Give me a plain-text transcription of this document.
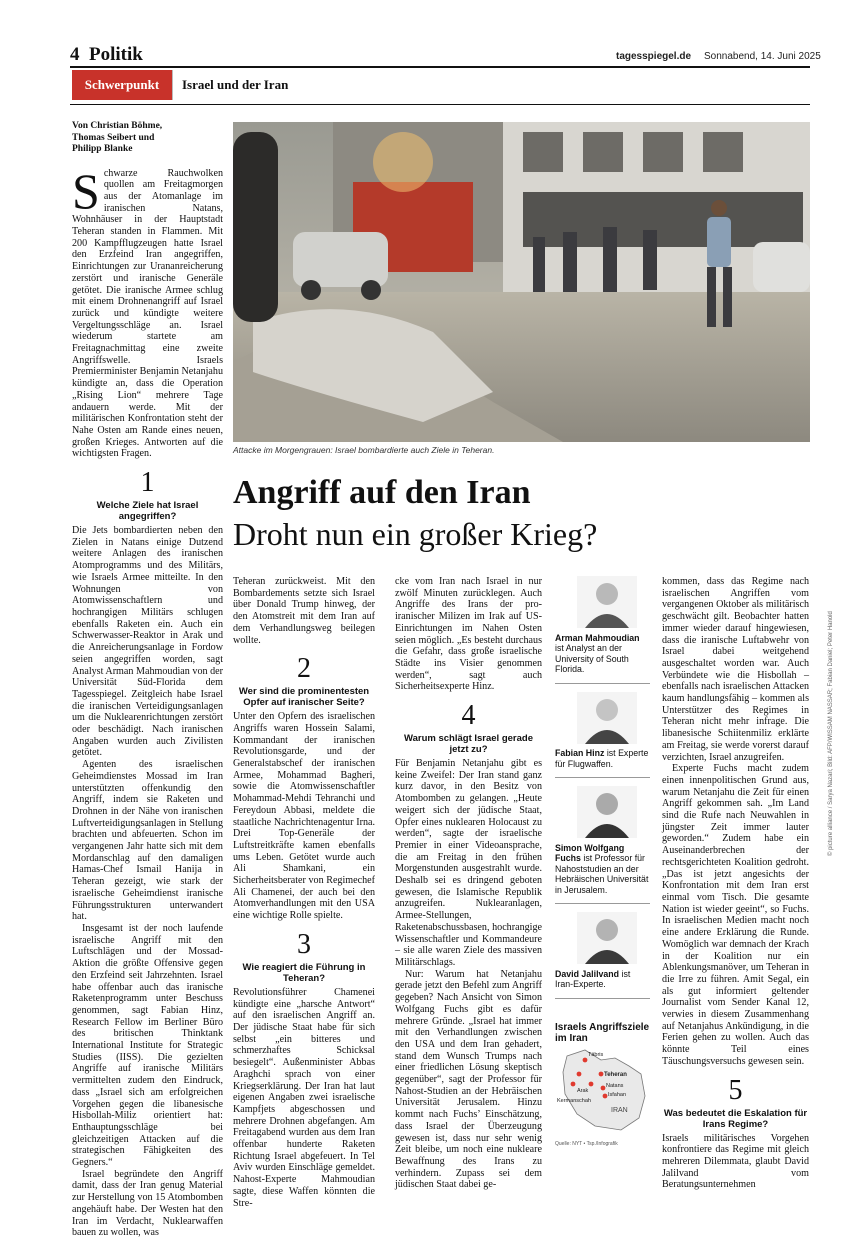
4 Politik	tagesspiegel.de Sonnabend, 14. Juni 2025
Schwerpunkt	Israel und der Iran
Von Christian Böhme,
Thomas Seibert und
Philipp Blanke

Schwarze Rauchwolken quollen am Freitagmorgen aus der Atomanlage im iranischen Natans, Wohnhäuser in der Hauptstadt Teheran standen in Flammen. Mit 200 Kampfflugzeugen hatte Israel den Erzfeind Iran angegriffen, Einrichtungen zur Urananreicherung zerstört und iranische Generäle getötet. Die iranische Armee schlug mit einem Drohnenangriff auf Israel zurück und kündigte weitere Vergeltungsschläge an. Israel wiederum startete am Freitagnachmittag eine zweite Angriffswelle. Israels Premierminister Benjamin Netanjahu kündigte an, dass die Operation „Rising Lion“ mehrere Tage andauern werde. Mit der militärischen Konfrontation steht der Nahe Osten am Rande eines neuen, großen Krieges. Antworten auf die wichtigsten Fragen.

1
Welche Ziele hat Israel angegriffen?

Die Jets bombardierten neben den Zielen in Natans einige Dutzend weitere Anlagen des iranischen Atomprogramms und des Militärs, wie Israels Armee mitteilte. In den Wohnungen von Atomwissenschaftlern und hochrangigen Militärs schlugen ebenfalls Raketen ein. Auch ein Schwerwasser-Reaktor in Arak und die Anreicherungsanlage in Fordow seien angegriffen worden, sagt Analyst Arman Mahmoudian von der Universität Süd-Florida dem Tagesspiegel. Zeitgleich habe Israel die iranischen Verteidigungsanlagen um die Nuklearenrichtungen zerstört oder beschädigt. Nach iranischen Angaben wurden auch Zivilisten getötet.

Agenten des israelischen Geheimdienstes Mossad im Iran unterstützten offenkundig den Angriff, indem sie Raketen und Drohnen in der Nähe von iranischen Luftverteidigungsanlagen in Stellung brachten und abfeuerten. Schon im vergangenen Jahr hatte sich mit dem Mordanschlag auf den damaligen Hamas-Chef Ismail Hanija in Teheran gezeigt, wie stark der israelische Geheimdienst iranische Führungsstrukturen unterwandert hat.

Insgesamt ist der noch laufende israelische Angriff mit den Luftschlägen und der Mossad-Aktion die größte Offensive gegen den Erzfeind seit Jahrzehnten. Israel habe offenbar auch das iranische Raketenprogramm unter Beschuss genommen, sagt Fabian Hinz, Research Fellow im Berliner Büro des britischen Thinktank International Institute for Strategic Studies (IISS). Die gezielten Angriffe auf iranische Militärs vermittelten zudem den Eindruck, dass „Israel sich am erfolgreichen Vorgehen gegen die libanesische Hisbollah-Miliz orientiert hat: Enthauptungsschläge bei gleichzeitigen Attacken auf die strategischen Fähigkeiten des Gegners.“

Israel begründete den Angriff damit, dass der Iran genug Material zur Herstellung von 15 Atombomben angehäuft habe. Der Westen hat den Iran im Verdacht, Nuklearwaffen bauen zu wollen, was

Attacke im Morgengrauen: Israel bombardierte auch Ziele in Teheran.
Angriff auf den Iran
Droht nun ein großer Krieg?

Teheran zurückweist. Mit den Bombardements setzte sich Israel über Donald Trump hinweg, der den Atomstreit mit dem Iran auf dem Verhandlungsweg beilegen wollte.

2
Wer sind die prominentesten Opfer auf iranischer Seite?

Unter den Opfern des israelischen Angriffs waren Hossein Salami, Kommandant der iranischen Revolutionsgarde, und der Generalstabschef der iranischen Armee, Mohammad Bagheri, sowie die Atomwissenschaftler Mohammad-Mehdi Tehranchi und Fereydoun Abbasi, meldete die staatliche Nachrichtenagentur Irna. Drei Top-Generäle der Luftstreitkräfte kamen ebenfalls ums Leben. Getötet wurde auch Ali Shamkani, ein Sicherheitsberater von Regimechef Ali Chamenei, der auch bei den Atomverhandlungen mit den USA eine wichtige Rolle spielte.

3
Wie reagiert die Führung in Teheran?

Revolutionsführer Chamenei kündigte eine „harsche Antwort“ auf den israelischen Angriff an. Der jüdische Staat habe für sich selbst „ein bitteres und schmerzhaftes Schicksal besiegelt“. Außenminister Abbas Araghchi sprach von einer Kriegserklärung. Der Iran hat laut eigenen Angaben zwei israelische Kampfjets abgeschossen und mehrere Drohnen abgefangen. Am Freitagabend wurden aus dem Iran offenbar hunderte Raketen Richtung Israel abgefeuert. In Tel Aviv wurden Einschläge gemeldet. Nahost-Experte Mahmoudian sagte, diese Waffen könnten die Stre-

cke vom Iran nach Israel in nur zwölf Minuten zurücklegen. Auch Angriffe des Irans der pro-iranischer Milizen im Irak auf US-Einrichtungen im Nahen Osten seien möglich. „Es besteht durchaus die Gefahr, dass große israelische Städte ins Visier genommen werden“, sagt auch Sicherheitsexperte Hinz.

4
Warum schlägt Israel gerade jetzt zu?

Für Benjamin Netanjahu gibt es keine Zweifel: Der Iran stand ganz kurz davor, in den Besitz von Atombomben zu gelangen. „Heute weigert sich der jüdische Staat, Opfer eines nuklearen Holocaust zu werden“, sagte der israelische Premier in einer Videoansprache, die am Freitag in den frühen Morgenstunden ausgestrahlt wurde. Deshalb sei es dringend geboten gewesen, die Islamische Republik anzugreifen. Nuklearanlagen, Armee-Stellungen, Raketenabschussbasen, hochrangige Wissenschaftler und Kommandeure – sie alle waren Ziele des massiven Militärschlags.

Nur: Warum hat Netanjahu gerade jetzt den Befehl zum Angriff gegeben? Nach Ansicht von Simon Wolfgang Fuchs gibt es dafür mehrere Gründe. „Israel hat immer mit den Verhandlungen zwischen den USA und dem Iran gehadert, stand dem Wunsch Trumps nach einer friedlichen Lösung skeptisch gegenüber“, sagt der Professor für Nahost-Studien an der Hebräischen Universität Jerusalem. Hinzu kommt nach Fuchs’ Einschätzung, dass Israel der Überzeugung gewesen ist, dass nur sehr wenig Zeit bleibe, um noch eine nukleare Bewaffnung des Irans zu verhindern. Zupass sei dem jüdischen Staat dabei ge-

Arman Mahmoudian ist Analyst an der University of South Florida.
Fabian Hinz ist Experte für Flugwaffen.
Simon Wolfgang Fuchs ist Professor für Nahoststudien an der Hebräischen Universität in Jerusalem.
David Jalilvand ist Iran-Experte.
Israels Angriffsziele im Iran
Täbris
Teheran
Natans
Arak
Isfahan
Kermanschah
IRAN
Quelle: NYT • Tsp./Infografik

kommen, dass das Regime nach israelischen Angriffen vom vergangenen Oktober als militärisch geschwächt gilt. Beobachter hatten immer wieder darauf hingewiesen, dass die iranische Luftabwehr von Israel dabei weitgehend ausgeschaltet worden war. Auch Verbündete wie die Hisbollah – ebenfalls nach israelischen Attacken kaum handlungsfähig – kommen als Unterstützer des Regimes in Teheran nicht mehr infrage. Die libanesische Schiitenmiliz erklärte am Freitag, sie werde vorerst darauf verzichten, Israel anzugreifen.

Experte Fuchs macht zudem einen innenpolitischen Grund aus, warum Netanjahu die Zeit für einen Angriff gekommen sah. „Im Land sind die Rufe nach Neuwahlen in jüngster Zeit immer lauter geworden.“ Zudem habe ein Auseinanderbrechen der rechtsgerichteten Koalition gedroht. „Das ist jetzt angesichts der Konfrontation mit dem Iran erst einmal vom Tisch. Die gesamte Nation ist wieder geeint“, so Fuchs. In israelischen Medien macht noch eine andere Erklärung die Runde. Womöglich war demnach der Krach in der Koalition nur ein Ablenkungsmanöver, um Teheran in die Irre zu führen. Amit Segal, ein als gut informiert geltender Journalist vom Sender Kanal 12, verwies in diesem Zusammenhang auf Netanjahus Ankündigung, in die Ferien gehen zu wollen. Auch das könnte Teil eines Täuschungsversuchs gewesen sein.

5
Was bedeutet die Eskalation für Irans Regime?

Israels militärisches Vorgehen konfrontiere das Regime mit gleich mehreren Dilemmata, glaubt David Jalilvand vom Beratungsunternehmen

© picture alliance / Sarya Nazari; Bild: AFP/WISSAM NASSAR; Fabian Daniel; Peter Hanold
